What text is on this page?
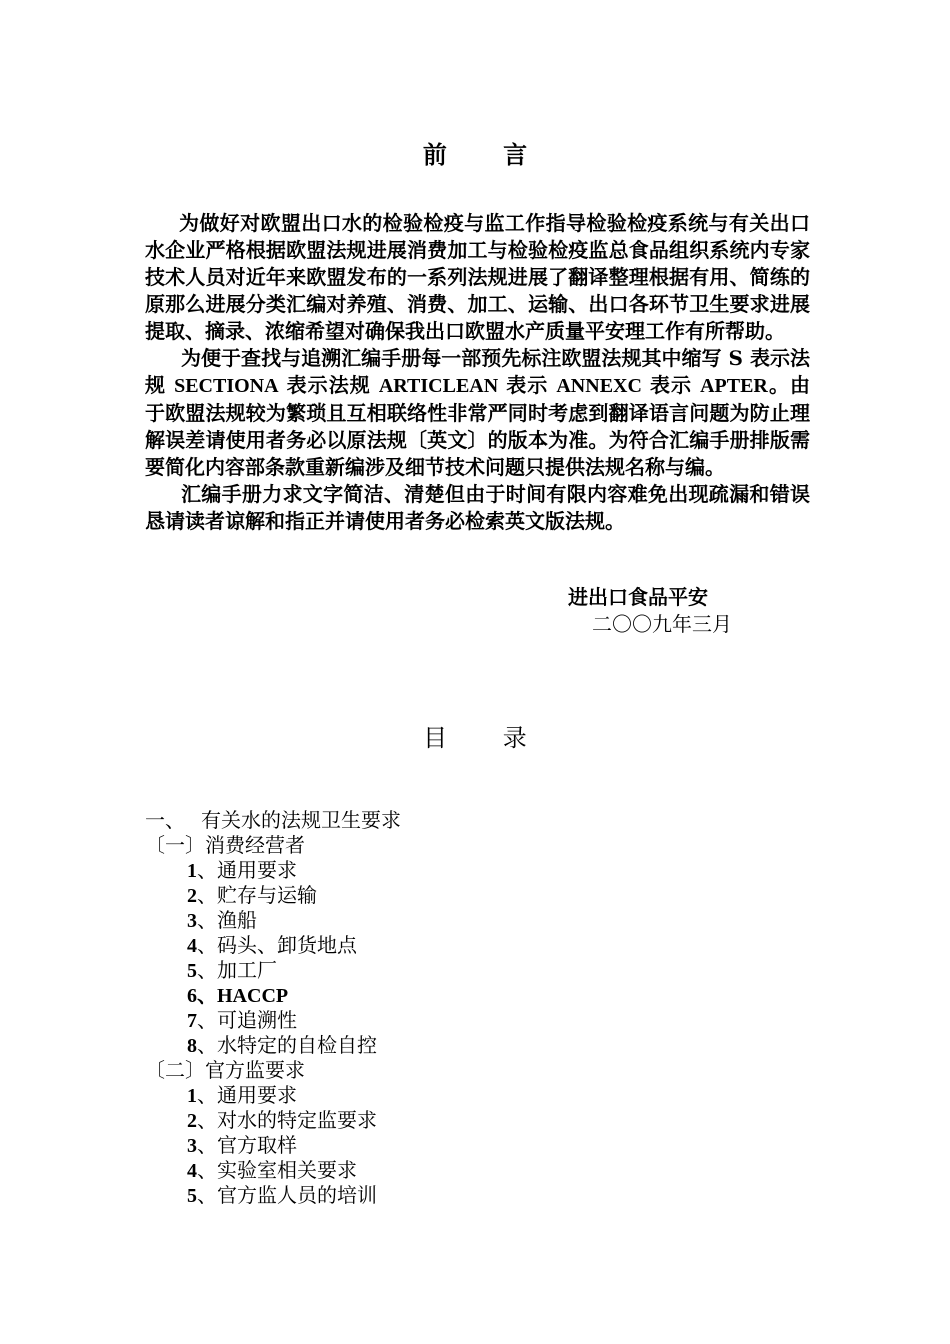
前 言

为做好对欧盟出口水的检验检疫与监工作指导检验检疫系统与有关出口水企业严格根据欧盟法规进展消费加工与检验检疫监总食品组织系统内专家技术人员对近年来欧盟发布的一系列法规进展了翻译整理根据有用、简练的原那么进展分类汇编对养殖、消费、加工、运输、出口各环节卫生要求进展提取、摘录、浓缩希望对确保我出口欧盟水产质量平安理工作有所帮助。

为便于查找与追溯汇编手册每一部预先标注欧盟法规其中缩写 S 表示法规 SECTIONA 表示法规 ARTICLEAN 表示 ANNEXC 表示 APTER。由于欧盟法规较为繁琐且互相联络性非常严同时考虑到翻译语言问题为防止理解误差请使用者务必以原法规〔英文〕的版本为准。为符合汇编手册排版需要简化内容部条款重新编涉及细节技术问题只提供法规名称与编。

汇编手册力求文字简洁、清楚但由于时间有限内容难免出现疏漏和错误恳请读者谅解和指正并请使用者务必检索英文版法规。

进出口食品平安
二〇〇九年三月
目 录
一、 有关水的法规卫生要求
〔一〕消费经营者
1、通用要求
2、贮存与运输
3、渔船
4、码头、卸货地点
5、加工厂
6、HACCP
7、可追溯性
8、水特定的自检自控
〔二〕官方监要求
1、通用要求
2、对水的特定监要求
3、官方取样
4、实验室相关要求
5、官方监人员的培训
